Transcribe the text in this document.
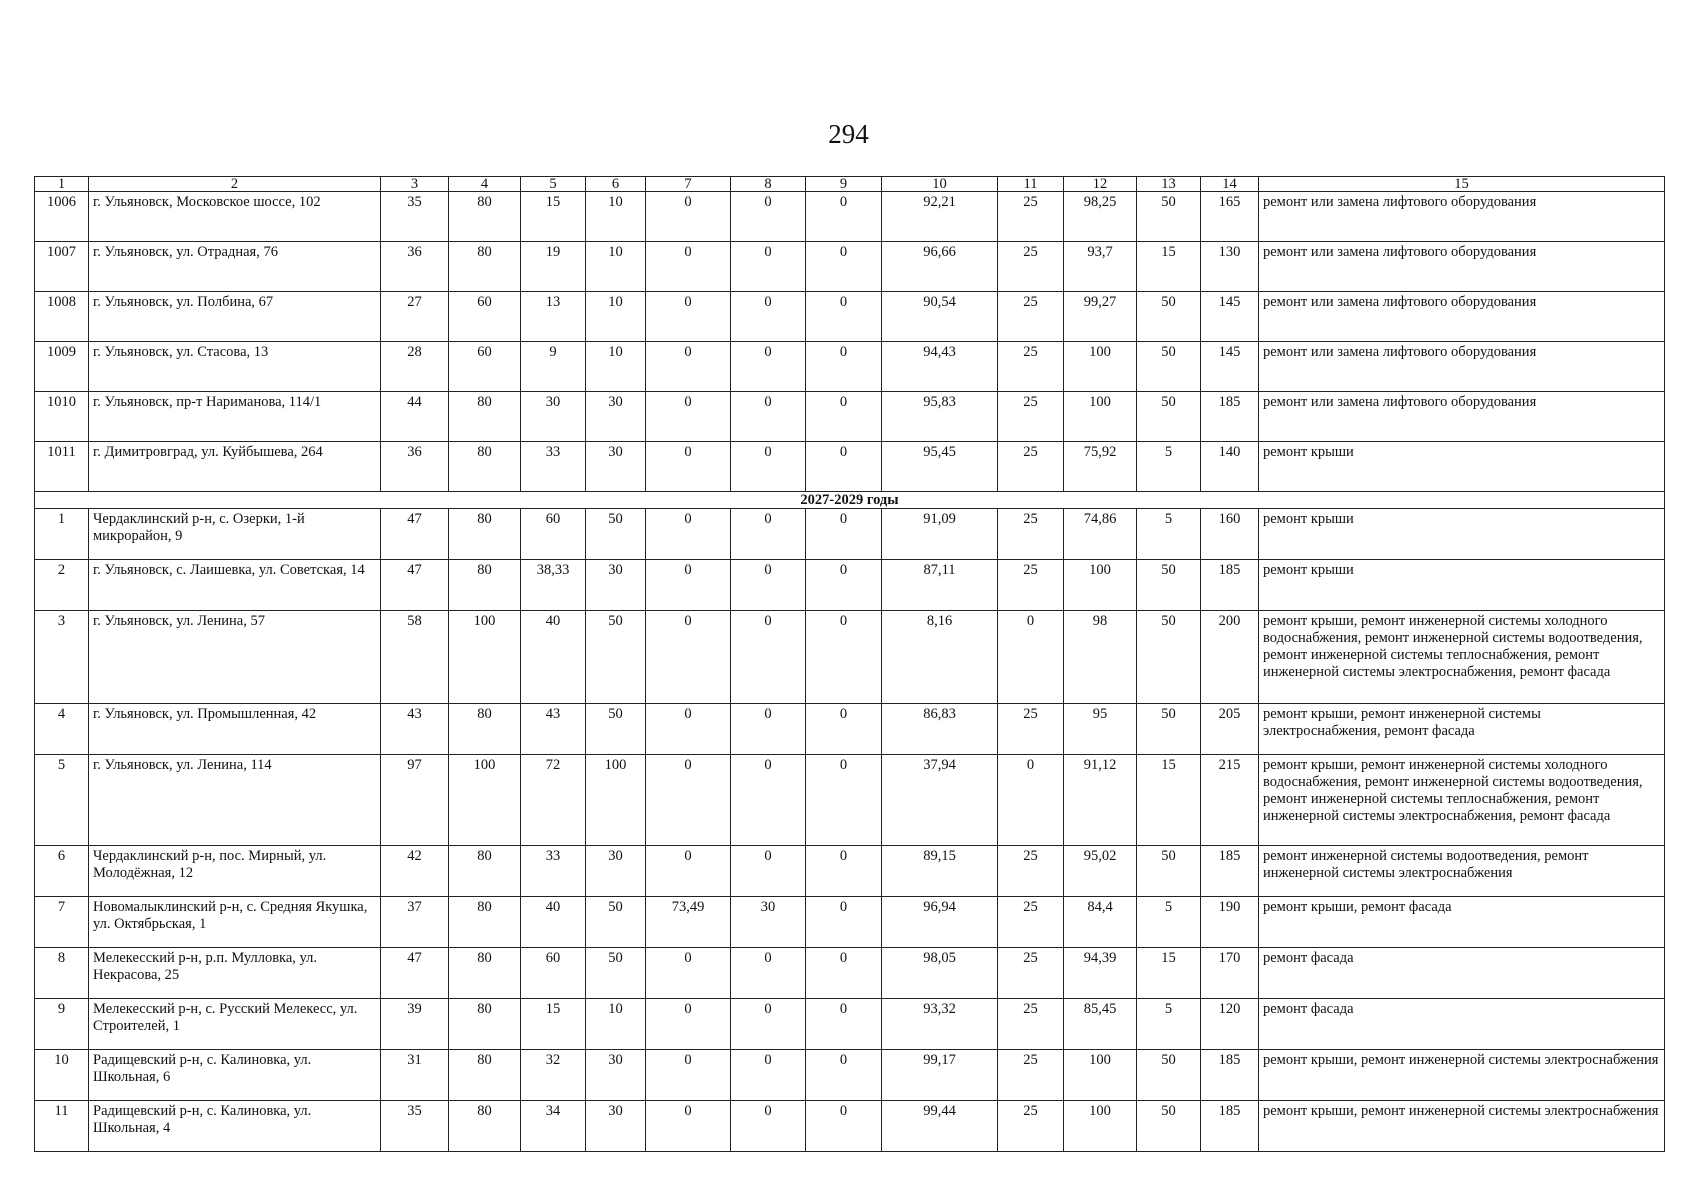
294
1	2	3	4	5	6	7	8	9	10	11	12	13	14	15
1006	г. Ульяновск, Московское шоссе, 102	35	80	15	10	0	0	0	92,21	25	98,25	50	165	ремонт или замена лифтового оборудования
1007	г. Ульяновск, ул. Отрадная, 76	36	80	19	10	0	0	0	96,66	25	93,7	15	130	ремонт или замена лифтового оборудования
1008	г. Ульяновск, ул. Полбина, 67	27	60	13	10	0	0	0	90,54	25	99,27	50	145	ремонт или замена лифтового оборудования
1009	г. Ульяновск, ул. Стасова, 13	28	60	9	10	0	0	0	94,43	25	100	50	145	ремонт или замена лифтового оборудования
1010	г. Ульяновск, пр-т Нариманова, 114/1	44	80	30	30	0	0	0	95,83	25	100	50	185	ремонт или замена лифтового оборудования
1011	г. Димитровград, ул. Куйбышева, 264	36	80	33	30	0	0	0	95,45	25	75,92	5	140	ремонт крыши
2027-2029 годы														
1	Чердаклинский р-н, с. Озерки, 1-й микрорайон, 9	47	80	60	50	0	0	0	91,09	25	74,86	5	160	ремонт крыши
2	г. Ульяновск, с. Лаишевка, ул. Советская, 14	47	80	38,33	30	0	0	0	87,11	25	100	50	185	ремонт крыши
3	г. Ульяновск, ул. Ленина, 57	58	100	40	50	0	0	0	8,16	0	98	50	200	ремонт крыши, ремонт инженерной системы холодного водоснабжения, ремонт инженерной системы водоотведения, ремонт инженерной системы теплоснабжения, ремонт инженерной системы электроснабжения, ремонт фасада
4	г. Ульяновск, ул. Промышленная, 42	43	80	43	50	0	0	0	86,83	25	95	50	205	ремонт крыши, ремонт инженерной системы электроснабжения, ремонт фасада
5	г. Ульяновск, ул. Ленина, 114	97	100	72	100	0	0	0	37,94	0	91,12	15	215	ремонт крыши, ремонт инженерной системы холодного водоснабжения, ремонт инженерной системы водоотведения, ремонт инженерной системы теплоснабжения, ремонт инженерной системы электроснабжения, ремонт фасада
6	Чердаклинский р-н, пос. Мирный, ул. Молодёжная, 12	42	80	33	30	0	0	0	89,15	25	95,02	50	185	ремонт инженерной системы водоотведения, ремонт инженерной системы электроснабжения
7	Новомалыклинский р-н, с. Средняя Якушка, ул. Октябрьская, 1	37	80	40	50	73,49	30	0	96,94	25	84,4	5	190	ремонт крыши, ремонт фасада
8	Мелекесский р-н, р.п. Мулловка, ул. Некрасова, 25	47	80	60	50	0	0	0	98,05	25	94,39	15	170	ремонт фасада
9	Мелекесский р-н, с. Русский Мелекесс, ул. Строителей, 1	39	80	15	10	0	0	0	93,32	25	85,45	5	120	ремонт фасада
10	Радищевский р-н, с. Калиновка, ул. Школьная, 6	31	80	32	30	0	0	0	99,17	25	100	50	185	ремонт крыши, ремонт инженерной системы электроснабжения
11	Радищевский р-н, с. Калиновка, ул. Школьная, 4	35	80	34	30	0	0	0	99,44	25	100	50	185	ремонт крыши, ремонт инженерной системы электроснабжения
